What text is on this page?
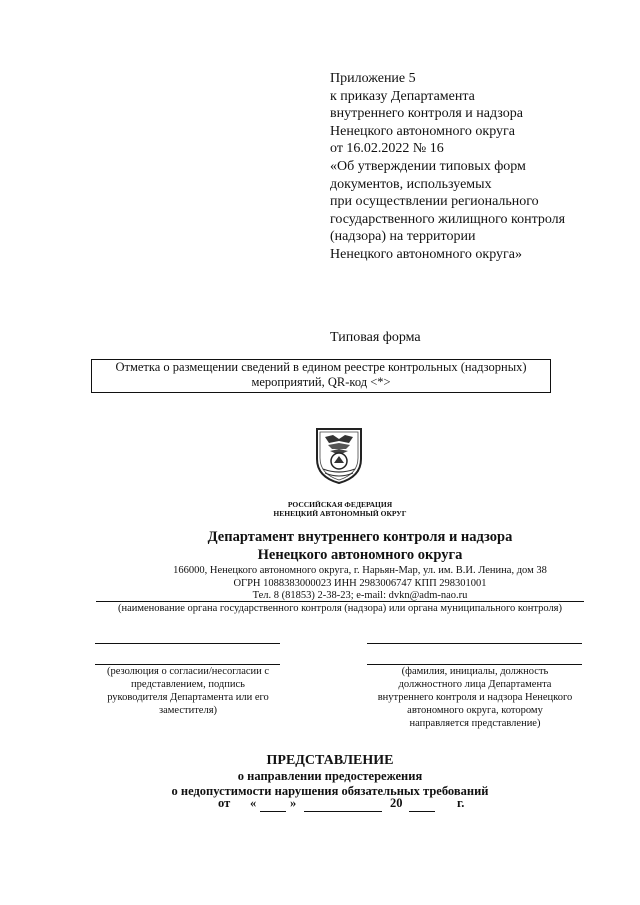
Приложение 5
к приказу Департамента
внутреннего контроля и надзора
Ненецкого автономного округа
от 16.02.2022 № 16
«Об утверждении типовых форм
документов, используемых
при осуществлении регионального
государственного жилищного контроля
(надзора) на территории
Ненецкого автономного округа»
Типовая форма
Отметка о размещении сведений в едином реестре контрольных (надзорных)
мероприятий, QR-код <*>
РОССИЙСКАЯ ФЕДЕРАЦИЯ
НЕНЕЦКИЙ АВТОНОМНЫЙ ОКРУГ
Департамент внутреннего контроля и надзора
Ненецкого автономного округа
166000, Ненецкого автономного округа, г. Нарьян-Мар, ул. им. В.И. Ленина, дом 38
ОГРН 1088383000023 ИНН 2983006747 КПП 298301001
Тел. 8 (81853) 2-38-23; e-mail: dvkn@adm-nao.ru
(наименование органа государственного контроля (надзора) или органа муниципального контроля)
(резолюция о согласии/несогласии с
представлением, подпись
руководителя Департамента или его
заместителя)
(фамилия, инициалы, должность
должностного лица Департамента
внутреннего контроля и надзора Ненецкого
автономного округа, которому
направляется представление)
ПРЕДСТАВЛЕНИЕ
о направлении предостережения
о недопустимости нарушения обязательных требований
от «	»	20	г.
